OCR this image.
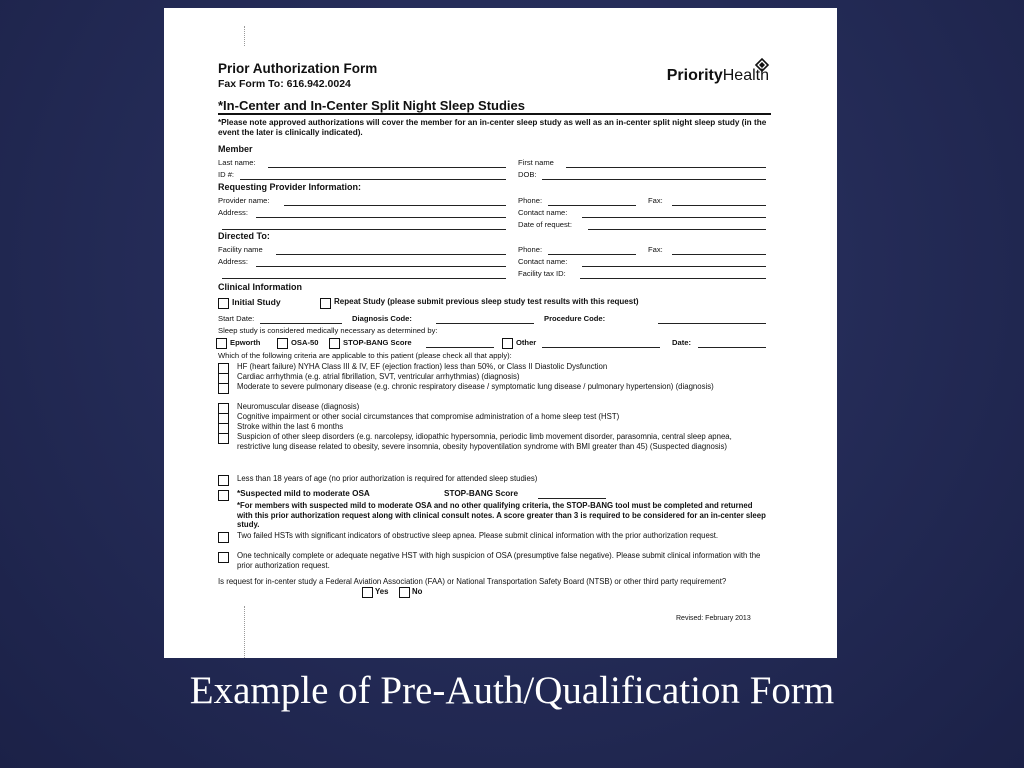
Prior Authorization Form
Fax Form To: 616.942.0024	PriorityHealth
*In-Center and In-Center Split Night Sleep Studies
*Please note approved authorizations will cover the member for an in-center sleep study as well as an in-center split night sleep study (in the event the later is clinically indicated).
Member
Last name:	First name
ID #:	DOB:
Requesting Provider Information:
Provider name:	Phone:	Fax:
Address:	Contact name:
Date of request:
Directed To:
Facility name	Phone:	Fax:
Address:	Contact name:
Facility tax ID:
Clinical Information
Initial Study	Repeat Study (please submit previous sleep study test results with this request)
Start Date:	Diagnosis Code:	Procedure Code:
Sleep study is considered medically necessary as determined by:
Epworth	OSA-50	STOP-BANG Score	Other	Date:
Which of the following criteria are applicable to this patient (please check all that apply):
HF (heart failure) NYHA Class III & IV, EF (ejection fraction) less than 50%, or Class II Diastolic Dysfunction
Cardiac arrhythmia (e.g. atrial fibrillation, SVT, ventricular arrhythmias) (diagnosis)
Moderate to severe pulmonary disease (e.g. chronic respiratory disease / symptomatic lung disease / pulmonary hypertension) (diagnosis)
Neuromuscular disease (diagnosis)
Cognitive impairment or other social circumstances that compromise administration of a home sleep test (HST)
Stroke within the last 6 months
Suspicion of other sleep disorders (e.g. narcolepsy, idiopathic hypersomnia, periodic limb movement disorder, parasomnia, central sleep apnea, restrictive lung disease related to obesity, severe insomnia, obesity hypoventilation syndrome with BMI greater than 45) (Suspected diagnosis)
Less than 18 years of age (no prior authorization is required for attended sleep studies)
*Suspected mild to moderate OSA	STOP-BANG Score
*For members with suspected mild to moderate OSA and no other qualifying criteria, the STOP-BANG tool must be completed and returned with this prior authorization request along with clinical consult notes. A score greater than 3 is required to be considered for an in-center sleep study.
Two failed HSTs with significant indicators of obstructive sleep apnea. Please submit clinical information with the prior authorization request.
One technically complete or adequate negative HST with high suspicion of OSA (presumptive false negative). Please submit clinical information with the prior authorization request.
Is request for in-center study a Federal Aviation Association (FAA) or National Transportation Safety Board (NTSB) or other third party requirement?
Yes	No
Revised: February 2013
Example of Pre-Auth/Qualification Form
